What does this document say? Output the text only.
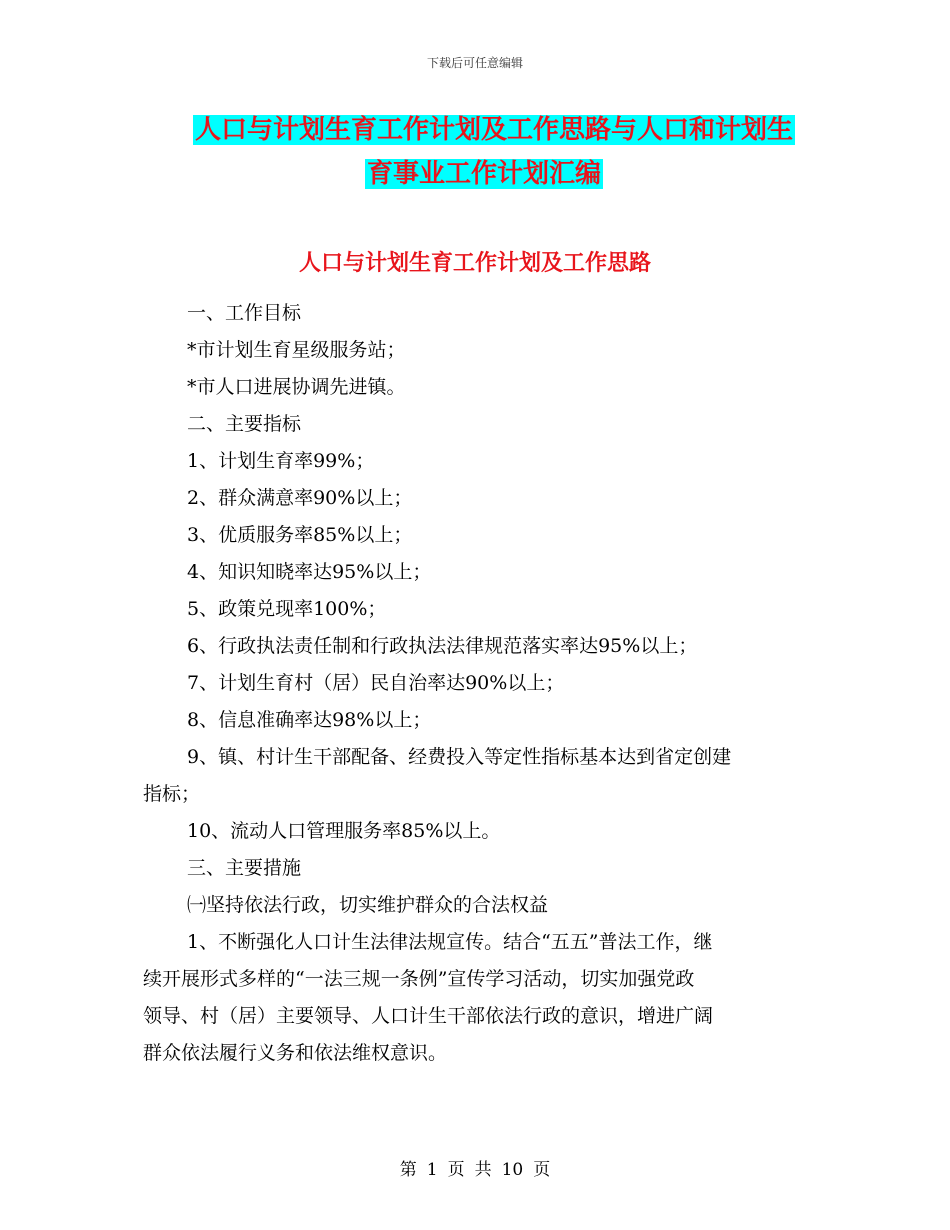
下载后可任意编辑
人口与计划生育工作计划及工作思路与人口和计划生
育事业工作计划汇编
人口与计划生育工作计划及工作思路
一、工作目标
*市计划生育星级服务站；
*市人口进展协调先进镇。
二、主要指标
1、计划生育率99%；
2、群众满意率90%以上；
3、优质服务率85%以上；
4、知识知晓率达95%以上；
5、政策兑现率100%；
6、行政执法责任制和行政执法法律规范落实率达95%以上；
7、计划生育村（居）民自治率达90%以上；
8、信息准确率达98%以上；
9、镇、村计生干部配备、经费投入等定性指标基本达到省定创建
指标；
10、流动人口管理服务率85%以上。
三、主要措施
㈠坚持依法行政，切实维护群众的合法权益
1、不断强化人口计生法律法规宣传。结合“五五”普法工作，继
续开展形式多样的“一法三规一条例”宣传学习活动，切实加强党政
领导、村（居）主要领导、人口计生干部依法行政的意识，增进广阔
群众依法履行义务和依法维权意识。
第 1 页 共 10 页
